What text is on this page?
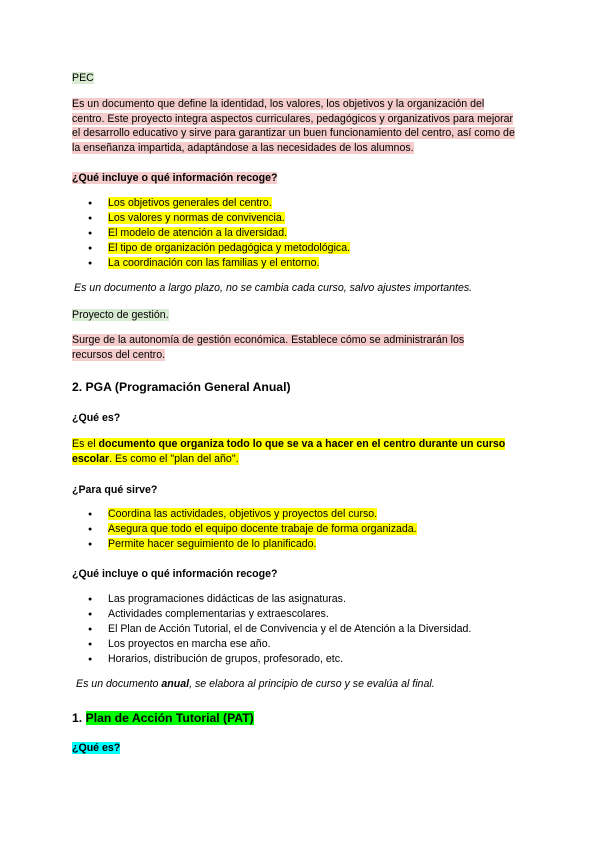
PEC
Es un documento que define la identidad, los valores, los objetivos y la organización del centro. Este proyecto integra aspectos curriculares, pedagógicos y organizativos para mejorar el desarrollo educativo y sirve para garantizar un buen funcionamiento del centro, así como de la enseñanza impartida, adaptándose a las necesidades de los alumnos.
¿Qué incluye o qué información recoge?
● Los objetivos generales del centro.
● Los valores y normas de convivencia.
● El modelo de atención a la diversidad.
● El tipo de organización pedagógica y metodológica.
● La coordinación con las familias y el entorno.
Es un documento a largo plazo, no se cambia cada curso, salvo ajustes importantes.
Proyecto de gestión.
Surge de la autonomía de gestión económica. Establece cómo se administrarán los recursos del centro.
2. PGA (Programación General Anual)
¿Qué es?
Es el documento que organiza todo lo que se va a hacer en el centro durante un curso escolar. Es como el "plan del año".
¿Para qué sirve?
● Coordina las actividades, objetivos y proyectos del curso.
● Asegura que todo el equipo docente trabaje de forma organizada.
● Permite hacer seguimiento de lo planificado.
¿Qué incluye o qué información recoge?
● Las programaciones didácticas de las asignaturas.
● Actividades complementarias y extraescolares.
● El Plan de Acción Tutorial, el de Convivencia y el de Atención a la Diversidad.
● Los proyectos en marcha ese año.
● Horarios, distribución de grupos, profesorado, etc.
Es un documento anual, se elabora al principio de curso y se evalúa al final.
1. Plan de Acción Tutorial (PAT)
¿Qué es?
